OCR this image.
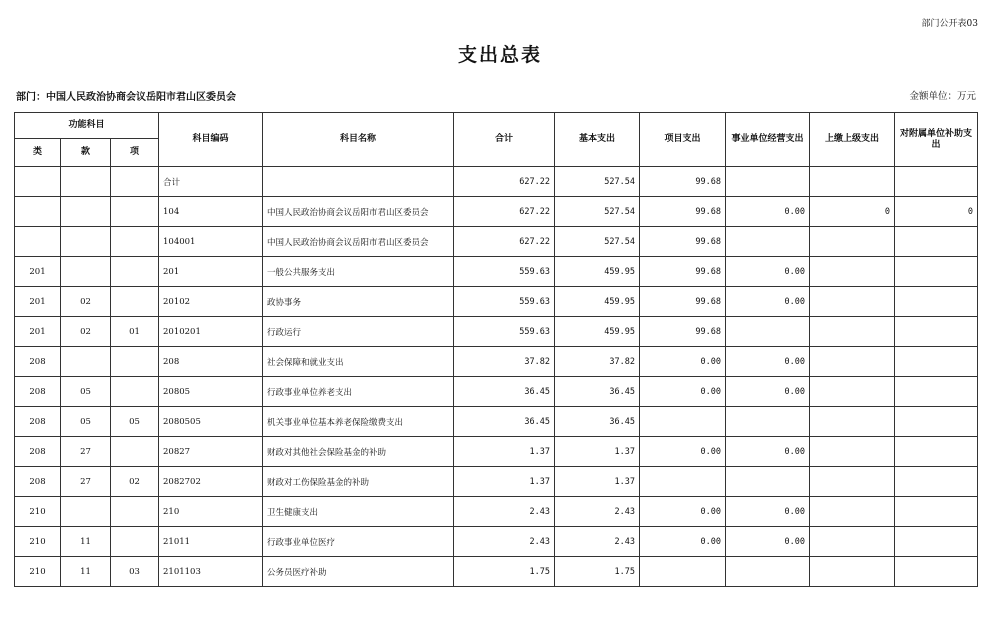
部门公开表03
支出总表
部门：中国人民政治协商会议岳阳市君山区委员会	金额单位：万元
功能科目			科目编码	科目名称	合计	基本支出	项目支出	事业单位经营支出	上缴上级支出	对附属单位补助支出
类	款	项								
			合计		627.22	527.54	99.68			
			104	中国人民政治协商会议岳阳市君山区委员会	627.22	527.54	99.68	0.00	0	0
			104001	中国人民政治协商会议岳阳市君山区委员会	627.22	527.54	99.68			
201			201	一般公共服务支出	559.63	459.95	99.68	0.00		
201	02		20102	政协事务	559.63	459.95	99.68	0.00		
201	02	01	2010201	行政运行	559.63	459.95	99.68			
208			208	社会保障和就业支出	37.82	37.82	0.00	0.00		
208	05		20805	行政事业单位养老支出	36.45	36.45	0.00	0.00		
208	05	05	2080505	机关事业单位基本养老保险缴费支出	36.45	36.45				
208	27		20827	财政对其他社会保险基金的补助	1.37	1.37	0.00	0.00		
208	27	02	2082702	财政对工伤保险基金的补助	1.37	1.37				
210			210	卫生健康支出	2.43	2.43	0.00	0.00		
210	11		21011	行政事业单位医疗	2.43	2.43	0.00	0.00		
210	11	03	2101103	公务员医疗补助	1.75	1.75				
